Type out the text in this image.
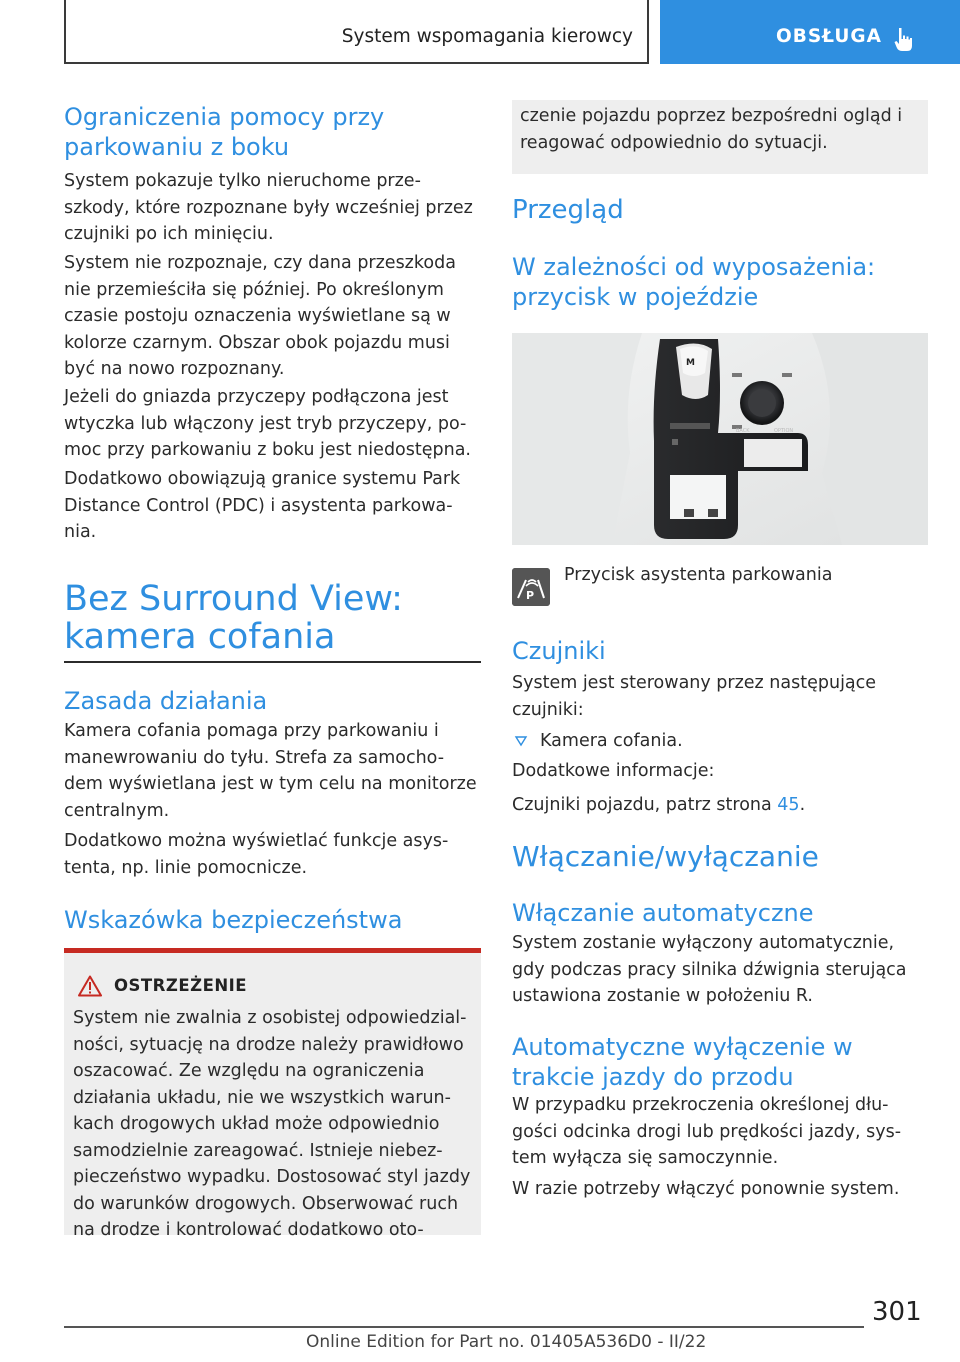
System wspomagania kierowcy	OBSŁUGA
Ograniczenia pomocy przy parkowaniu z boku

System pokazuje tylko nieruchome prze-szkody, które rozpoznane były wcześniej przez czujniki po ich minięciu.

System nie rozpoznaje, czy dana przeszkoda nie przemieściła się później. Po określonym czasie postoju oznaczenia wyświetlane są w kolorze czarnym. Obszar obok pojazdu musi być na nowo rozpoznany.

Jeżeli do gniazda przyczepy podłączona jest wtyczka lub włączony jest tryb przyczepy, po-moc przy parkowaniu z boku jest niedostępna.

Dodatkowo obowiązują granice systemu Park Distance Control (PDC) i asystenta parkowa-nia.

Bez Surround View: kamera cofania
Zasada działania

Kamera cofania pomaga przy parkowaniu i manewrowaniu do tyłu. Strefa za samocho-dem wyświetlana jest w tym celu na monitorze centralnym.

Dodatkowo można wyświetlać funkcje asys-tenta, np. linie pomocnicze.

Wskazówka bezpieczeństwa
OSTRZEŻENIE

System nie zwalnia z osobistej odpowiedzial-ności, sytuację na drodze należy prawidłowo oszacować. Ze względu na ograniczenia działania układu, nie we wszystkich warun-kach drogowych układ może odpowiednio samodzielnie zareagować. Istnieje niebez-pieczeństwo wypadku. Dostosować styl jazdy do warunków drogowych. Obserwować ruch na drodze i kontrolować dodatkowo oto-

czenie pojazdu poprzez bezpośredni ogląd i reagować odpowiednio do sytuacji.

Przegląd
W zależności od wyposażenia: przycisk w pojeździe
M
BACK	OPTION
P

Przycisk asystenta parkowania

Czujniki

System jest sterowany przez następujące czujniki:

Kamera cofania.

Dodatkowe informacje:

Czujniki pojazdu, patrz strona 45.

Włączanie/wyłączanie
Włączanie automatyczne

System zostanie wyłączony automatycznie, gdy podczas pracy silnika dźwignia sterująca ustawiona zostanie w położeniu R.

Automatyczne wyłączenie w trakcie jazdy do przodu

W przypadku przekroczenia określonej dłu-gości odcinka drogi lub prędkości jazdy, sys-tem wyłącza się samoczynnie.

W razie potrzeby włączyć ponownie system.

301
Online Edition for Part no. 01405A536D0 - II/22
